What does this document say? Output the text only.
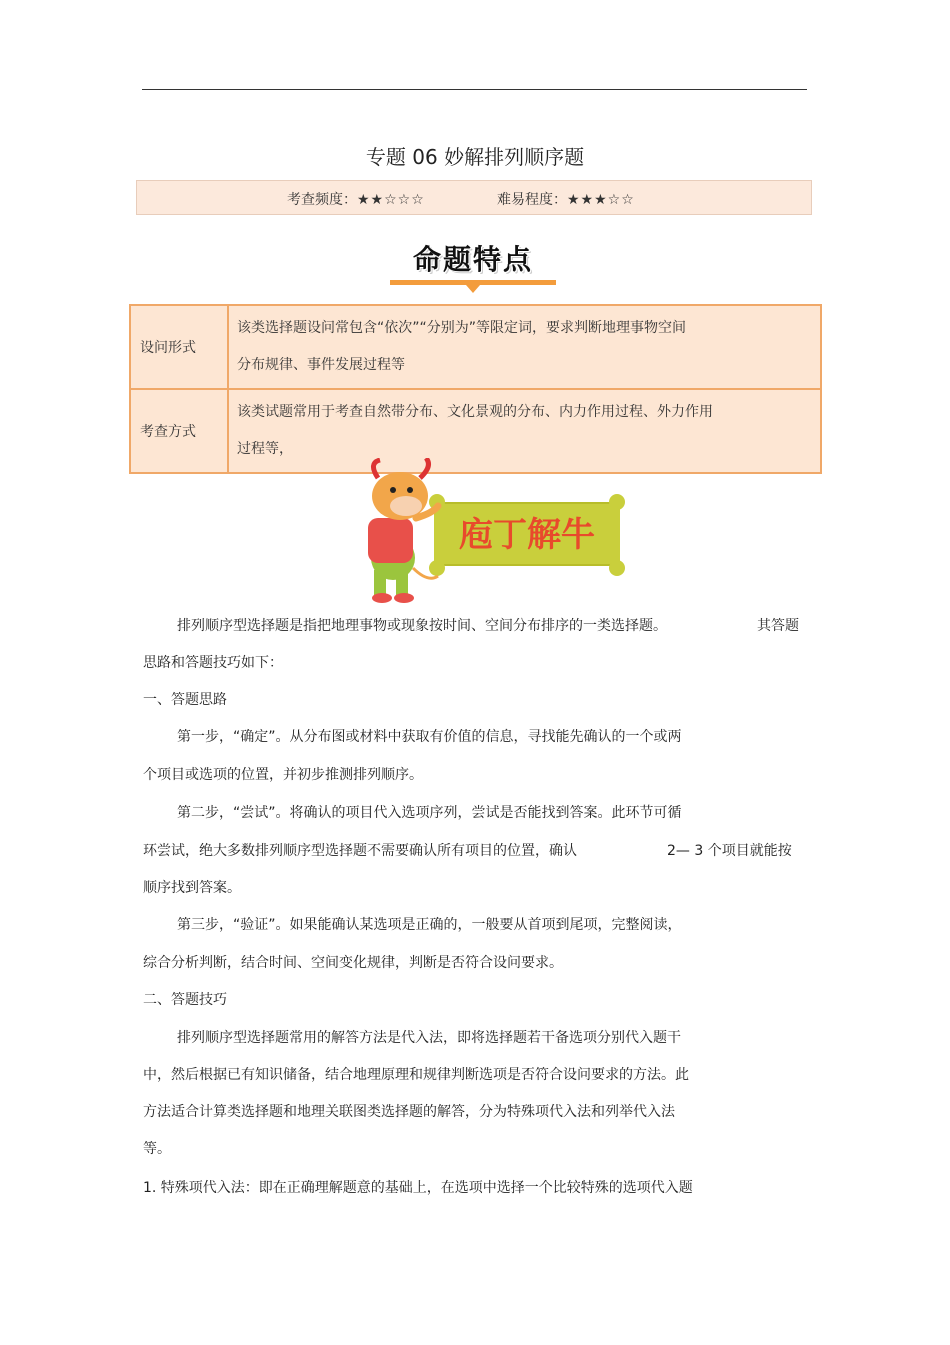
专题 06 妙解排列顺序题
考查频度：★★☆☆☆	难易程度：★★★☆☆
命题特点
设问形式	该类选择题设问常包含“依次”“分别为”等限定词，要求判断地理事物空间
分布规律、事件发展过程等

考查方式	该类试题常用于考查自然带分布、文化景观的分布、内力作用过程、外力作用
过程等，
庖丁解牛
排列顺序型选择题是指把地理事物或现象按时间、空间分布排序的一类选择题。	其答题
思路和答题技巧如下：
一、答题思路
第一步，“确定”。从分布图或材料中获取有价值的信息，寻找能先确认的一个或两
个项目或选项的位置，并初步推测排列顺序。
第二步，“尝试”。将确认的项目代入选项序列，尝试是否能找到答案。此环节可循
环尝试，绝大多数排列顺序型选择题不需要确认所有项目的位置，确认	2— 3 个项目就能按
顺序找到答案。
第三步，“验证”。如果能确认某选项是正确的，一般要从首项到尾项，完整阅读，
综合分析判断，结合时间、空间变化规律，判断是否符合设问要求。
二、答题技巧
排列顺序型选择题常用的解答方法是代入法，即将选择题若干备选项分别代入题干
中，然后根据已有知识储备，结合地理原理和规律判断选项是否符合设问要求的方法。此
方法适合计算类选择题和地理关联图类选择题的解答，分为特殊项代入法和列举代入法
等。
1. 特殊项代入法：即在正确理解题意的基础上，在选项中选择一个比较特殊的选项代入题
